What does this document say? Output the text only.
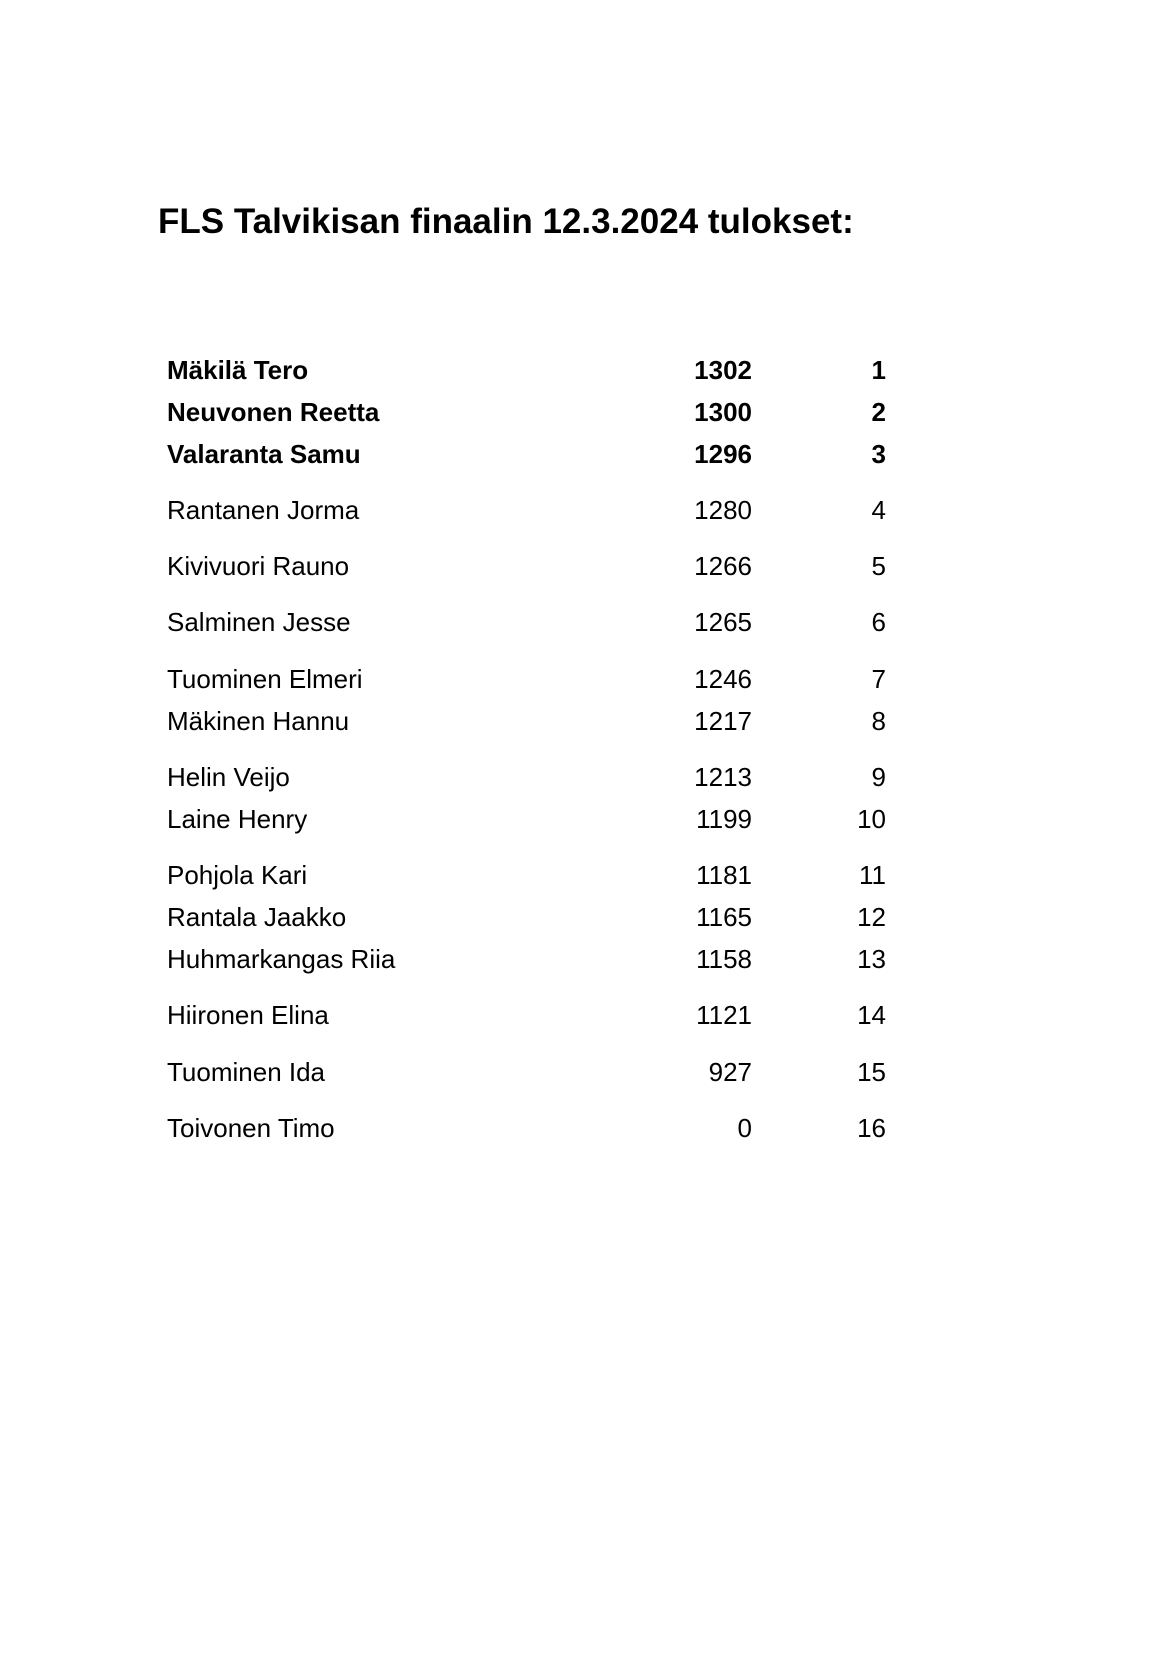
FLS Talvikisan finaalin 12.3.2024 tulokset:
Mäkilä Tero	1302	1
Neuvonen Reetta	1300	2
Valaranta Samu	1296	3
Rantanen Jorma	1280	4
Kivivuori Rauno	1266	5
Salminen Jesse	1265	6
Tuominen Elmeri	1246	7
Mäkinen Hannu	1217	8
Helin Veijo	1213	9
Laine Henry	1199	10
Pohjola Kari	1181	11
Rantala Jaakko	1165	12
Huhmarkangas Riia	1158	13
Hiironen Elina	1121	14
Tuominen Ida	927	15
Toivonen Timo	0	16
